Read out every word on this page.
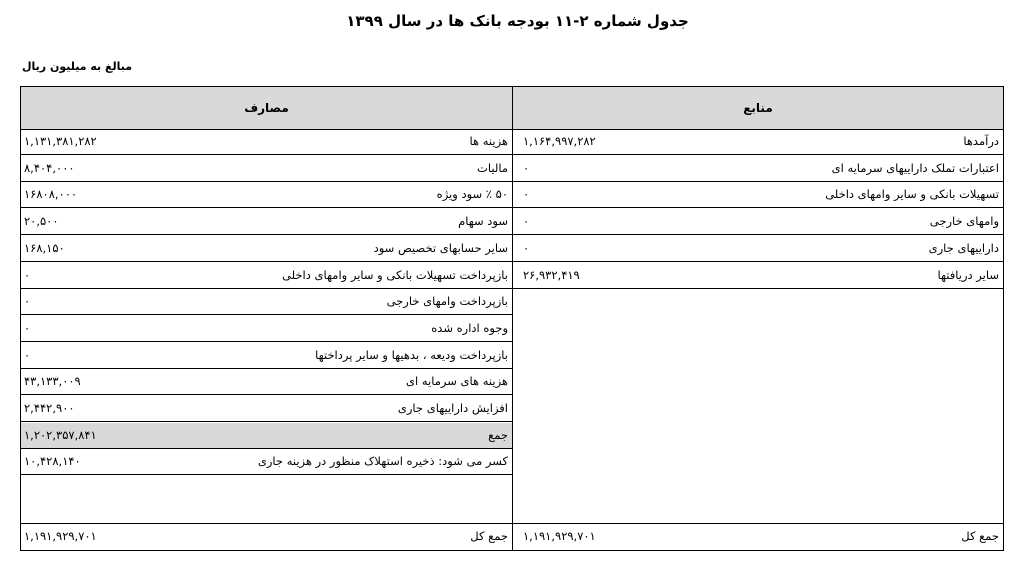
جدول شماره ۲-۱۱ بودجه بانک ها در سال ۱۳۹۹
مبالغ به میلیون ریال
مصارف
جمع کل
۱,۱۹۱,۹۲۹,۷۰۱
هزینه ها
۱,۱۳۱,۳۸۱,۲۸۲
مالیات
۸,۴۰۴,۰۰۰
۵۰ ٪ سود ویژه
۱۶۸۰۸,۰۰۰
سود سهام
۲۰,۵۰۰
سایر حسابهای تخصیص سود
۱۶۸,۱۵۰
بازپرداخت تسهیلات بانکی و سایر وامهای داخلی
۰
بازپرداخت وامهای خارجی
۰
وجوه اداره شده
۰
بازپرداخت ودیعه ، بدهیها و سایر پرداختها
۰
هزینه های سرمایه ای
۴۳,۱۳۳,۰۰۹
افزایش داراییهای جاری
۲,۴۴۲,۹۰۰
جمع
۱,۲۰۲,۳۵۷,۸۴۱
کسر می شود: ذخیره استهلاک منظور در هزینه جاری
۱۰,۴۲۸,۱۴۰
منابع
جمع کل
۱,۱۹۱,۹۲۹,۷۰۱
درآمدها
۱,۱۶۴,۹۹۷,۲۸۲
اعتبارات تملک داراییهای سرمایه ای
۰
تسهیلات بانکی و سایر وامهای داخلی
۰
وامهای خارجی
۰
داراییهای جاری
۰
سایر دریافتها
۲۶,۹۳۲,۴۱۹
